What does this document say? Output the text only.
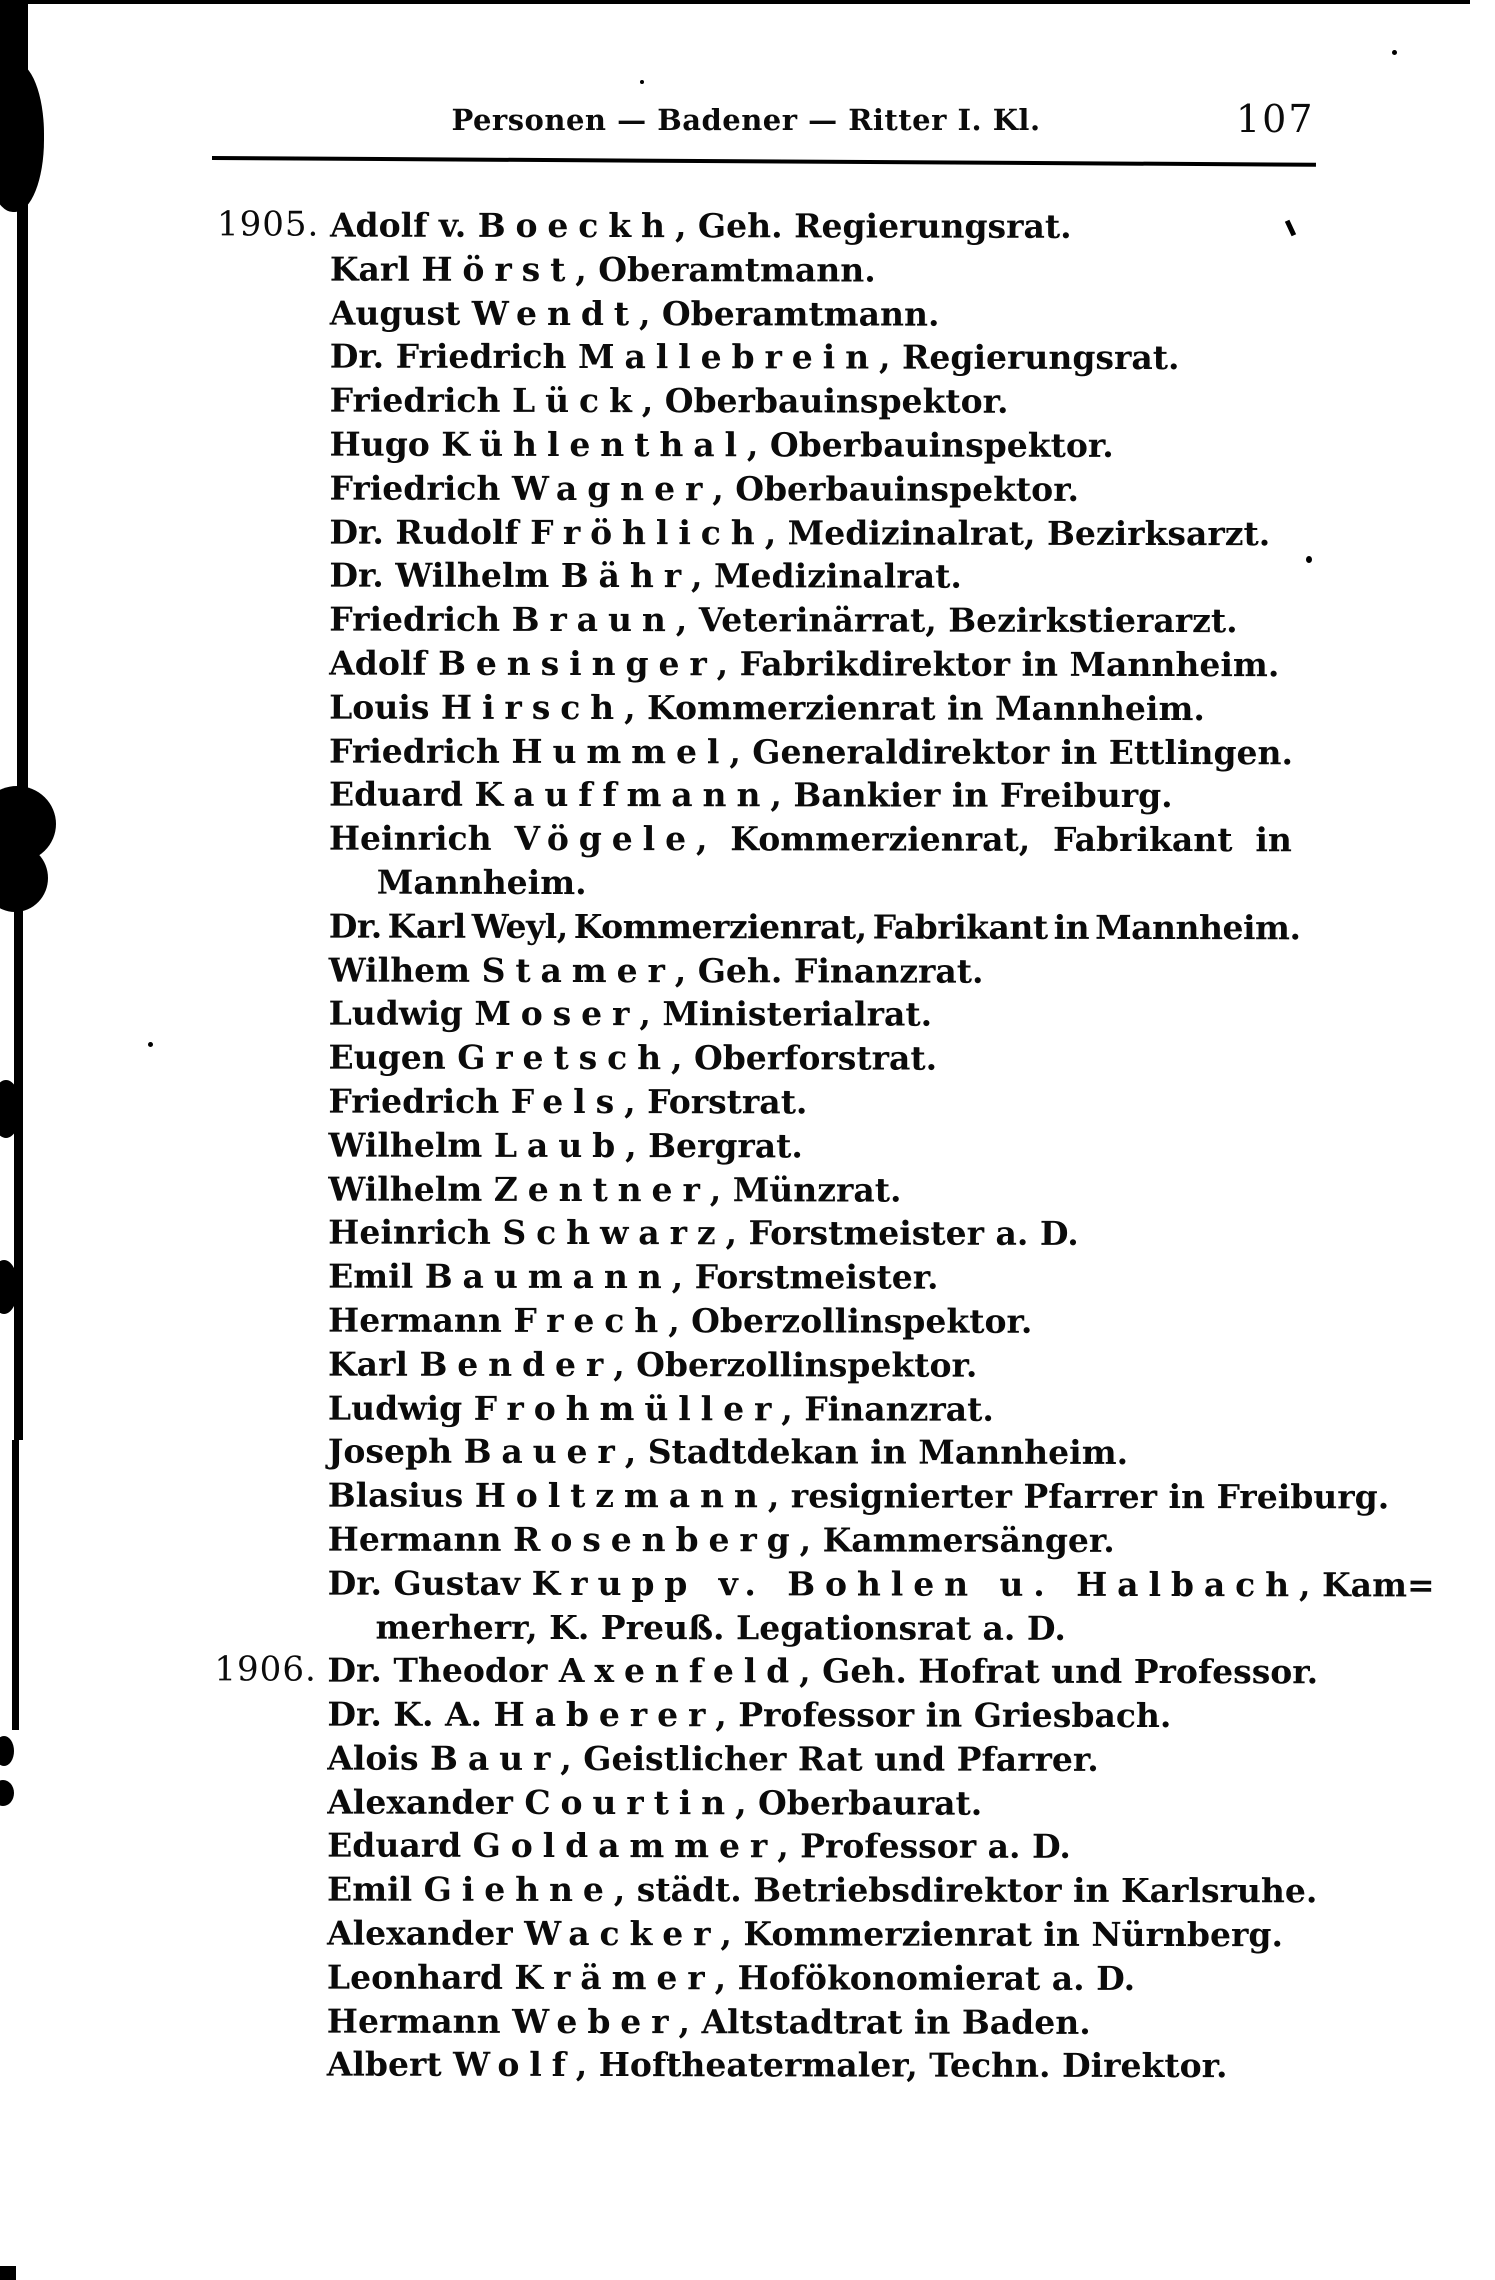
Personen — Badener — Ritter I. Kl.	107
1905. Adolf v. Boeckh, Geh. Regierungsrat.
Karl Hörst, Oberamtmann.
August Wendt, Oberamtmann.
Dr. Friedrich Mallebrein, Regierungsrat.
Friedrich Lück, Oberbauinspektor.
Hugo Kühlenthal, Oberbauinspektor.
Friedrich Wagner, Oberbauinspektor.
Dr. Rudolf Fröhlich, Medizinalrat, Bezirksarzt.
Dr. Wilhelm Bähr, Medizinalrat.
Friedrich Braun, Veterinärrat, Bezirkstierarzt.
Adolf Bensinger, Fabrikdirektor in Mannheim.
Louis Hirsch, Kommerzienrat in Mannheim.
Friedrich Hummel, Generaldirektor in Ettlingen.
Eduard Kauffmann, Bankier in Freiburg.
Heinrich Vögele, Kommerzienrat, Fabrikant in
Mannheim.
Dr. Karl Weyl, Kommerzienrat, Fabrikant in Mannheim.
Wilhem Stamer, Geh. Finanzrat.
Ludwig Moser, Ministerialrat.
Eugen Gretsch, Oberforstrat.
Friedrich Fels, Forstrat.
Wilhelm Laub, Bergrat.
Wilhelm Zentner, Münzrat.
Heinrich Schwarz, Forstmeister a. D.
Emil Baumann, Forstmeister.
Hermann Frech, Oberzollinspektor.
Karl Bender, Oberzollinspektor.
Ludwig Frohmüller, Finanzrat.
Joseph Bauer, Stadtdekan in Mannheim.
Blasius Holtzmann, resignierter Pfarrer in Freiburg.
Hermann Rosenberg, Kammersänger.
Dr. Gustav Krupp v. Bohlen u. Halbach, Kam=
merherr, K. Preuß. Legationsrat a. D.
1906. Dr. Theodor Axenfeld, Geh. Hofrat und Professor.
Dr. K. A. Haberer, Professor in Griesbach.
Alois Baur, Geistlicher Rat und Pfarrer.
Alexander Courtin, Oberbaurat.
Eduard Goldammer, Professor a. D.
Emil Giehne, städt. Betriebsdirektor in Karlsruhe.
Alexander Wacker, Kommerzienrat in Nürnberg.
Leonhard Krämer, Hofökonomierat a. D.
Hermann Weber, Altstadtrat in Baden.
Albert Wolf, Hoftheatermaler, Techn. Direktor.
